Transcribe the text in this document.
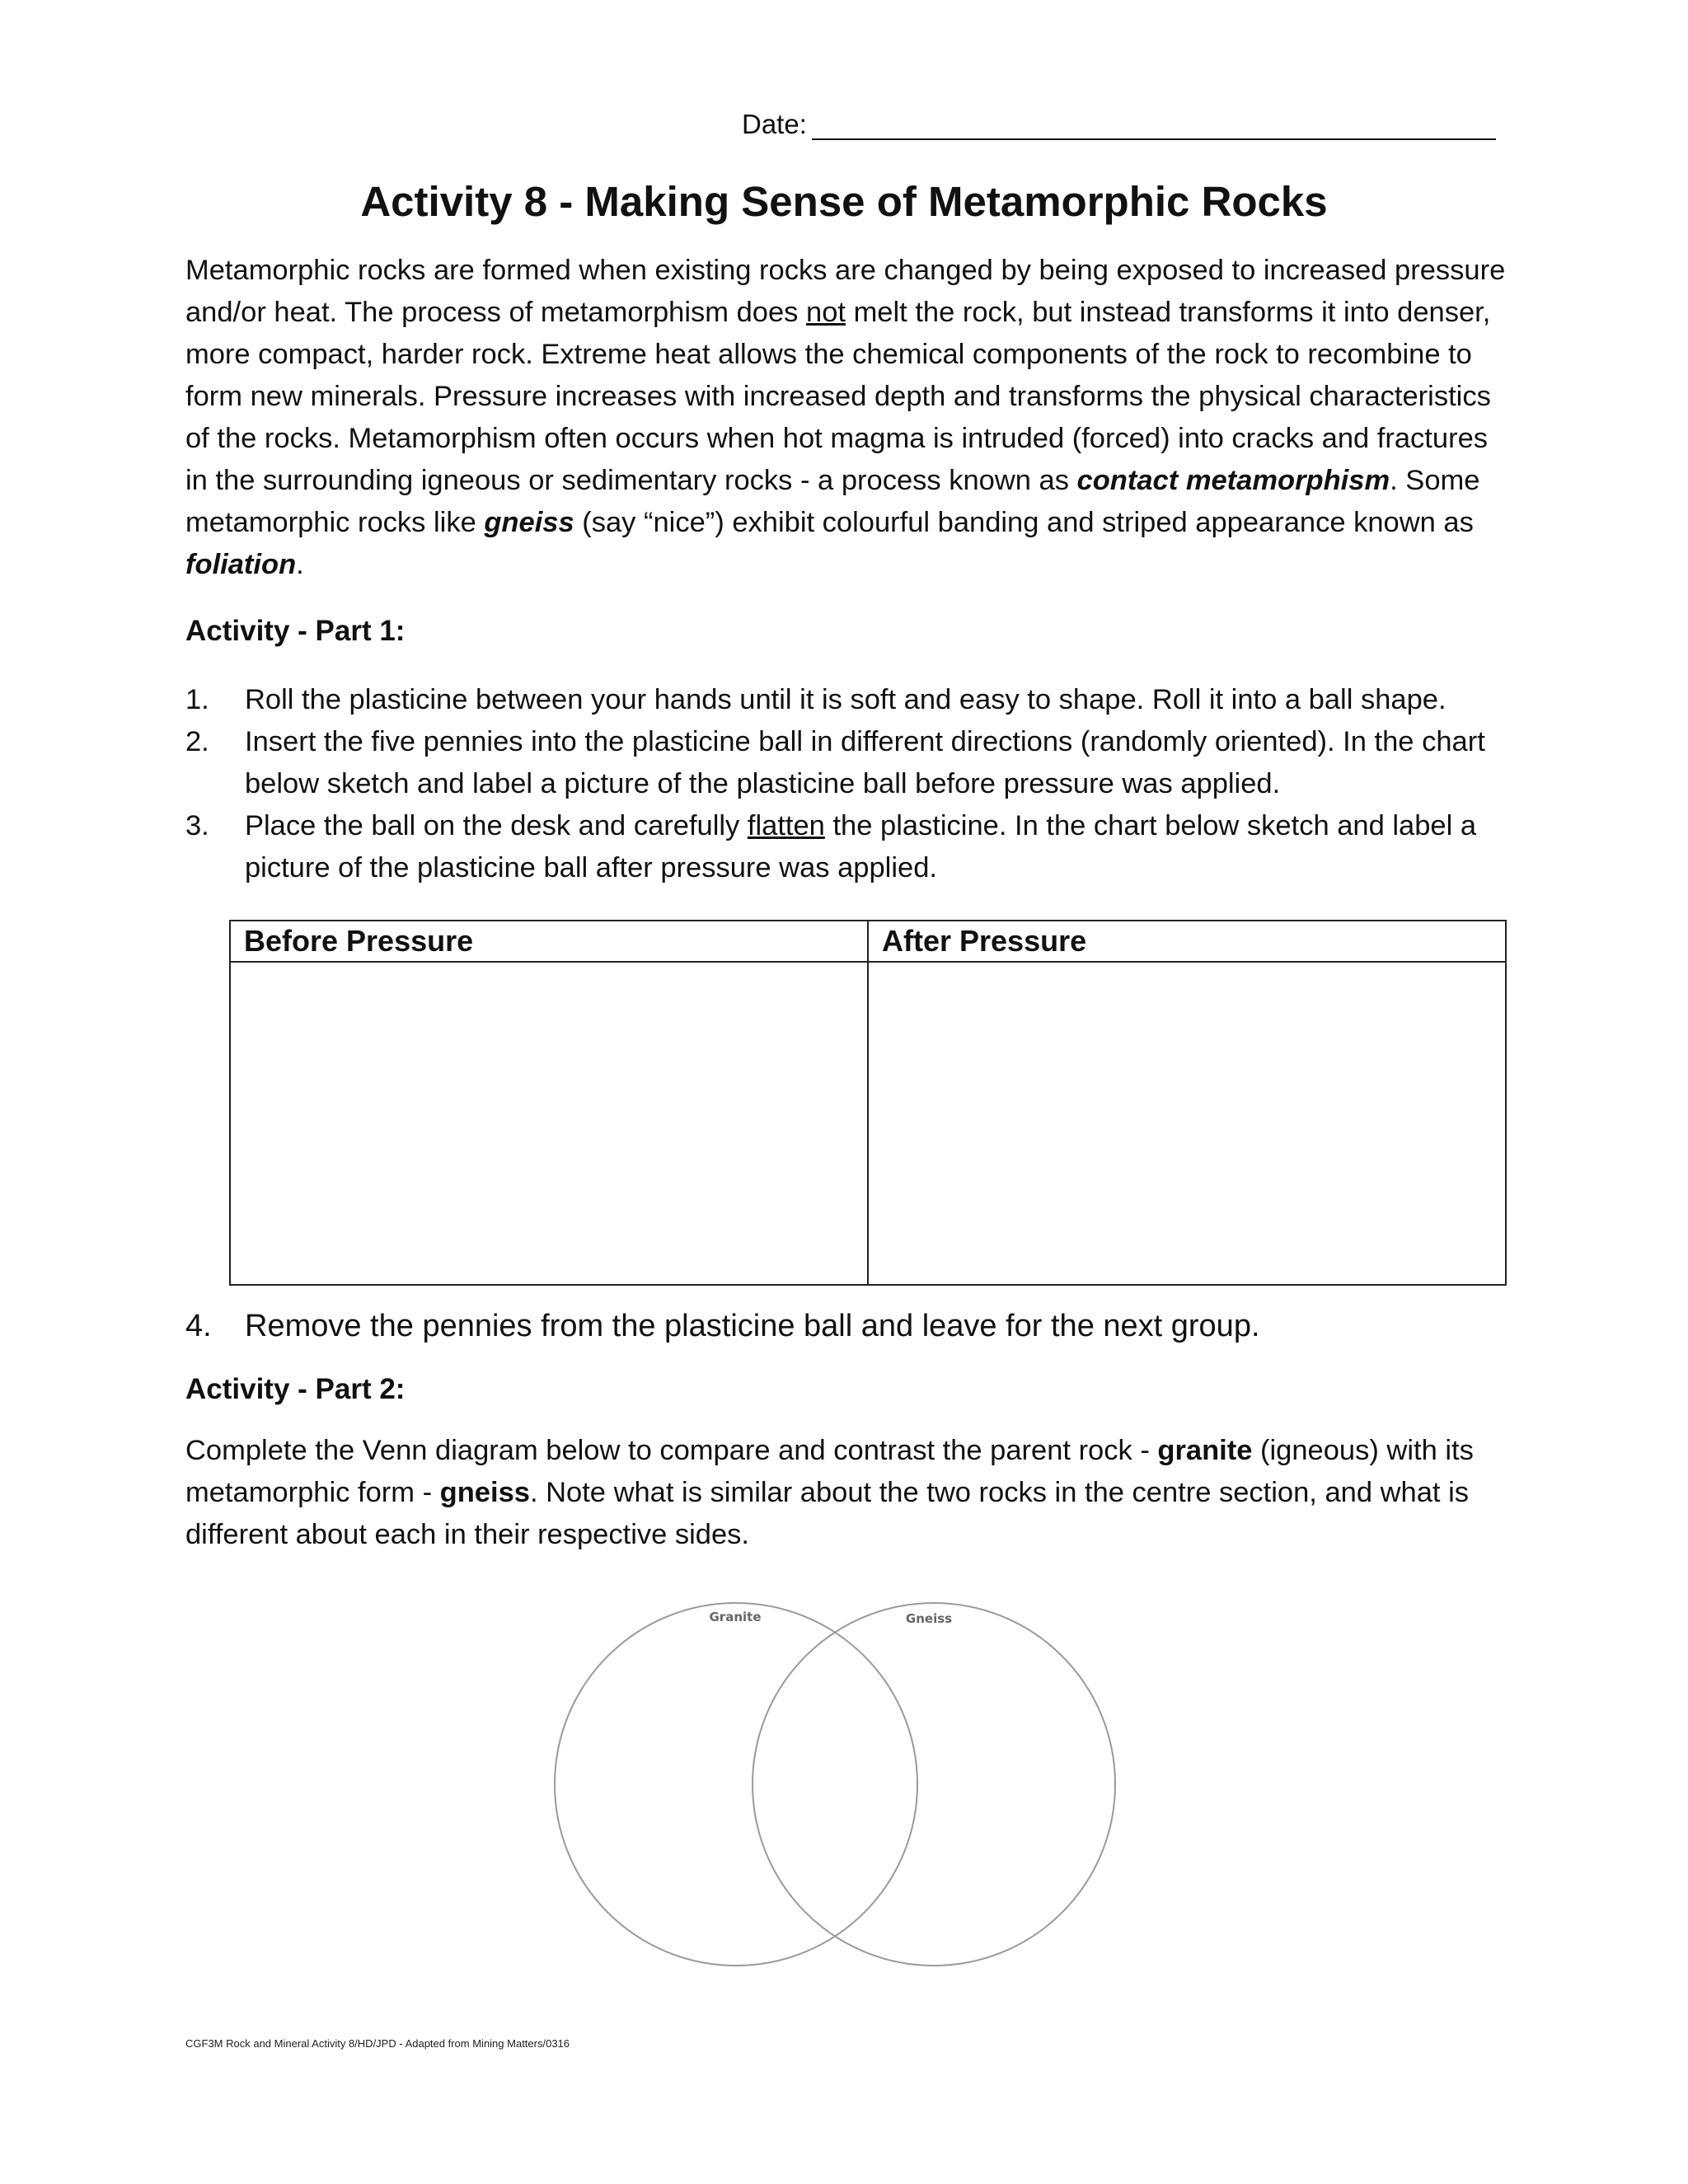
Date:
Activity 8 - Making Sense of Metamorphic Rocks

Metamorphic rocks are formed when existing rocks are changed by being exposed to increased pressure and/or heat. The process of metamorphism does not melt the rock, but instead transforms it into denser, more compact, harder rock. Extreme heat allows the chemical components of the rock to recombine to form new minerals. Pressure increases with increased depth and transforms the physical characteristics of the rocks. Metamorphism often occurs when hot magma is intruded (forced) into cracks and fractures in the surrounding igneous or sedimentary rocks - a process known as contact metamorphism. Some metamorphic rocks like gneiss (say “nice”) exhibit colourful banding and striped appearance known as foliation.

Activity - Part 1:
1. Roll the plasticine between your hands until it is soft and easy to shape. Roll it into a ball shape.
2. Insert the five pennies into the plasticine ball in different directions (randomly oriented). In the chart below sketch and label a picture of the plasticine ball before pressure was applied.
3. Place the ball on the desk and carefully flatten the plasticine. In the chart below sketch and label a picture of the plasticine ball after pressure was applied.
Before Pressure	After Pressure

4. Remove the pennies from the plasticine ball and leave for the next group.
Activity - Part 2:

Complete the Venn diagram below to compare and contrast the parent rock - granite (igneous) with its metamorphic form - gneiss. Note what is similar about the two rocks in the centre section, and what is different about each in their respective sides.

Granite	Gneiss
CGF3M Rock and Mineral Activity 8/HD/JPD - Adapted from Mining Matters/0316
